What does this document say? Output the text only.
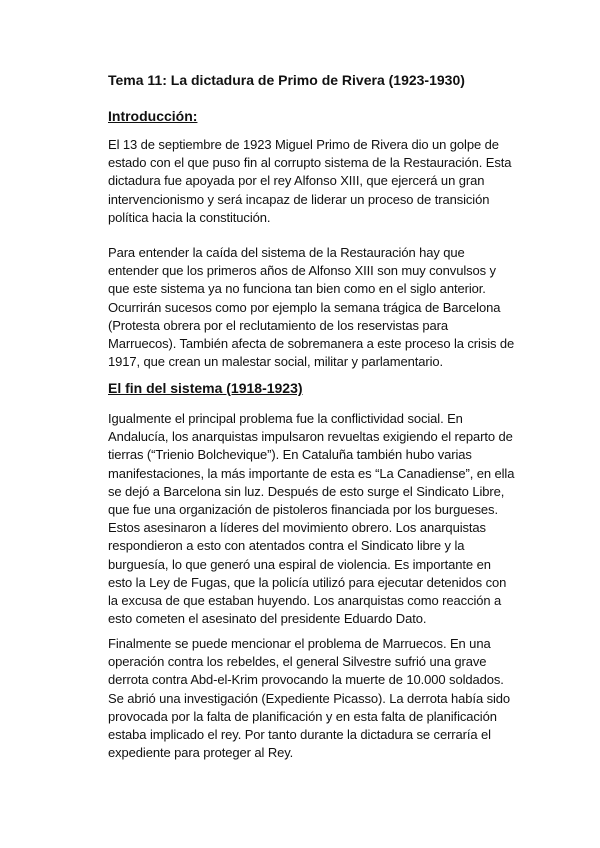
Tema 11: La dictadura de Primo de Rivera (1923-1930)
Introducción:
El 13 de septiembre de 1923 Miguel Primo de Rivera dio un golpe de
estado con el que puso fin al corrupto sistema de la Restauración. Esta
dictadura fue apoyada por el rey Alfonso XIII, que ejercerá un gran
intervencionismo y será incapaz de liderar un proceso de transición
política hacia la constitución.
Para entender la caída del sistema de la Restauración hay que
entender que los primeros años de Alfonso XIII son muy convulsos y
que este sistema ya no funciona tan bien como en el siglo anterior.
Ocurrirán sucesos como por ejemplo la semana trágica de Barcelona
(Protesta obrera por el reclutamiento de los reservistas para
Marruecos). También afecta de sobremanera a este proceso la crisis de
1917, que crean un malestar social, militar y parlamentario.
El fin del sistema (1918-1923)
Igualmente el principal problema fue la conflictividad social. En
Andalucía, los anarquistas impulsaron revueltas exigiendo el reparto de
tierras (“Trienio Bolchevique”). En Cataluña también hubo varias
manifestaciones, la más importante de esta es “La Canadiense”, en ella
se dejó a Barcelona sin luz. Después de esto surge el Sindicato Libre,
que fue una organización de pistoleros financiada por los burgueses.
Estos asesinaron a líderes del movimiento obrero. Los anarquistas
respondieron a esto con atentados contra el Sindicato libre y la
burguesía, lo que generó una espiral de violencia. Es importante en
esto la Ley de Fugas, que la policía utilizó para ejecutar detenidos con
la excusa de que estaban huyendo. Los anarquistas como reacción a
esto cometen el asesinato del presidente Eduardo Dato.
Finalmente se puede mencionar el problema de Marruecos. En una
operación contra los rebeldes, el general Silvestre sufrió una grave
derrota contra Abd-el-Krim provocando la muerte de 10.000 soldados.
Se abrió una investigación (Expediente Picasso). La derrota había sido
provocada por la falta de planificación y en esta falta de planificación
estaba implicado el rey. Por tanto durante la dictadura se cerraría el
expediente para proteger al Rey.
